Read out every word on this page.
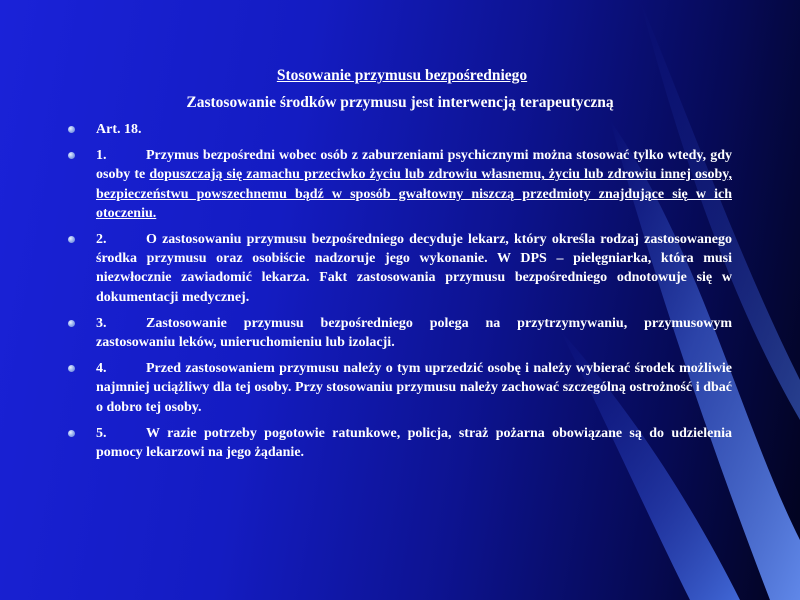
Stosowanie przymusu bezpośredniego
Zastosowanie środków przymusu jest interwencją terapeutyczną
Art. 18.
1.	Przymus bezpośredni wobec osób z zaburzeniami psychicznymi można stosować tylko wtedy, gdy osoby te dopuszczają się zamachu przeciwko życiu lub zdrowiu własnemu, życiu lub zdrowiu innej osoby, bezpieczeństwu powszechnemu bądź w sposób gwałtowny niszczą przedmioty znajdujące się w ich otoczeniu.
2.	O zastosowaniu przymusu bezpośredniego decyduje lekarz, który określa rodzaj zastosowanego środka przymusu oraz osobiście nadzoruje jego wykonanie. W DPS – pielęgniarka, która musi niezwłocznie zawiadomić lekarza. Fakt zastosowania przymusu bezpośredniego odnotowuje się w dokumentacji medycznej.
3.	Zastosowanie przymusu bezpośredniego polega na przytrzymywaniu, przymusowym zastosowaniu leków, unieruchomieniu lub izolacji.
4.	Przed zastosowaniem przymusu należy o tym uprzedzić osobę i należy wybierać środek możliwie najmniej uciążliwy dla tej osoby. Przy stosowaniu przymusu należy zachować szczególną ostrożność i dbać o dobro tej osoby.
5.	W razie potrzeby pogotowie ratunkowe, policja, straż pożarna obowiązane są do udzielenia pomocy lekarzowi na jego żądanie.
